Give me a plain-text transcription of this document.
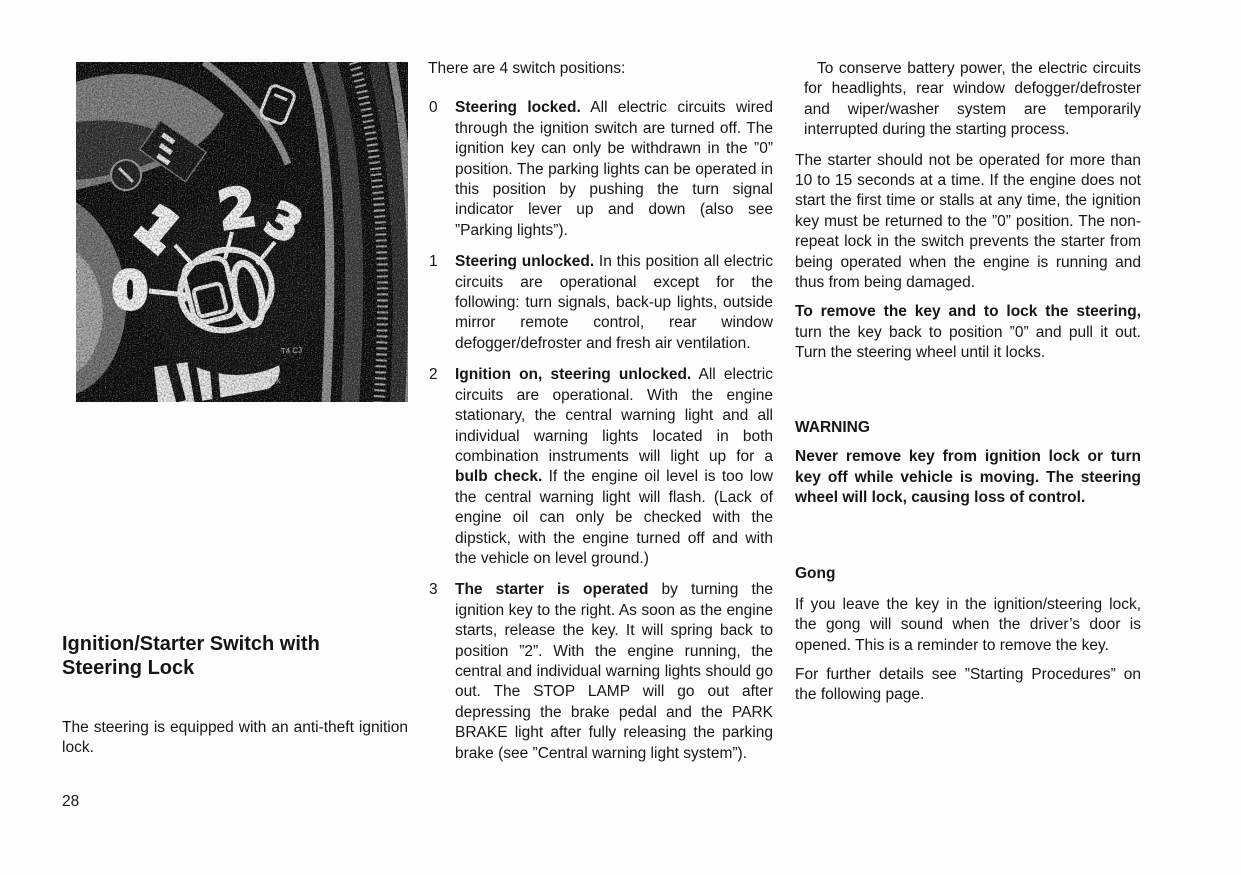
Ignition/Starter Switch with Steering Lock

The steering is equipped with an anti-theft ignition lock.

28

There are 4 switch positions:

0 Steering locked. All electric circuits wired through the ignition switch are turned off. The ignition key can only be withdrawn in the ”0” position. The parking lights can be operated in this position by pushing the turn signal indicator lever up and down (also see ”Parking lights”).
1 Steering unlocked. In this position all electric circuits are operational except for the following: turn signals, back-up lights, outside mirror remote control, rear window defogger/defroster and fresh air ventilation.
2 Ignition on, steering unlocked. All electric circuits are operational. With the engine stationary, the central warning light and all individual warning lights located in both combination instruments will light up for a bulb check. If the engine oil level is too low the central warning light will flash. (Lack of engine oil can only be checked with the dipstick, with the engine turned off and with the vehicle on level ground.)
3 The starter is operated by turning the ignition key to the right. As soon as the engine starts, release the key. It will spring back to position ”2”. With the engine running, the central and individual warning lights should go out. The STOP LAMP will go out after depressing the brake pedal and the PARK BRAKE light after fully releasing the parking brake (see ”Central warning light system”).

To conserve battery power, the electric circuits for headlights, rear window defogger/defroster and wiper/washer system are temporarily interrupted during the starting process.

The starter should not be operated for more than 10 to 15 seconds at a time. If the engine does not start the first time or stalls at any time, the ignition key must be returned to the ”0” position. The non-repeat lock in the switch prevents the starter from being operated when the engine is running and thus from being damaged.

To remove the key and to lock the steering, turn the key back to position ”0” and pull it out. Turn the steering wheel until it locks.

WARNING

Never remove key from ignition lock or turn key off while vehicle is moving. The steering wheel will lock, causing loss of control.

Gong

If you leave the key in the ignition/steering lock, the gong will sound when the driver’s door is opened. This is a reminder to remove the key.

For further details see ”Starting Procedures” on the following page.
